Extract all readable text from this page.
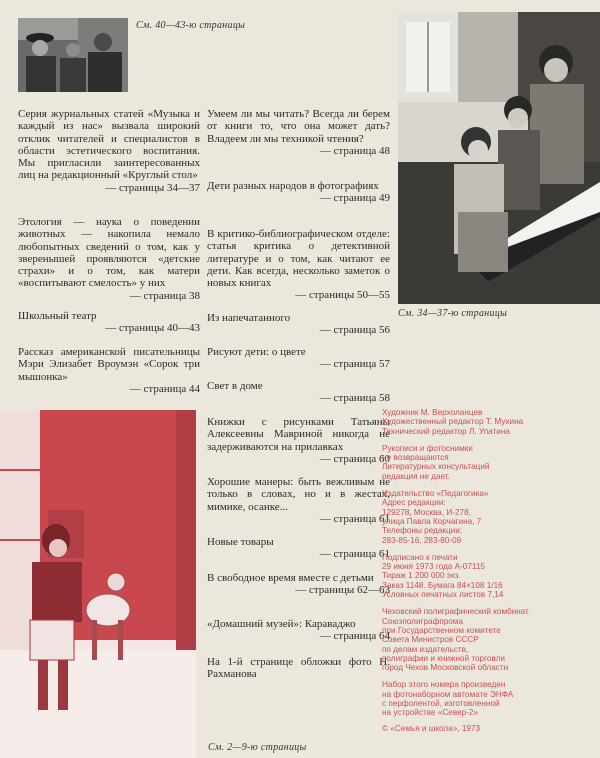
См. 40—43-ю страницы
См. 34—37-ю страницы
См. 2—9-ю страницы
Серия журнальных статей «Музыка и каждый из нас» вызвала широкий отклик читателей и специалистов в области эстетического воспитания. Мы пригласили заинтересованных лиц на редакционный «Круглый стол»
— страницы 34—37
Этология — наука о поведении животных — накопила немало любопытных сведений о том, как у зверенышей проявляются «детские страхи» и о том, как матери «воспитывают смелость» у них
— страница 38
Школьный театр
— страницы 40—43
Рассказ американской писательницы Мэри Элизабет Вроумэн «Сорок три мышонка»
— страница 44
Умеем ли мы читать? Всегда ли берем от книги то, что она может дать? Владеем ли мы техникой чтения?
— страница 48
Дети разных народов в фотографиях
— страница 49
В критико-библиографическом отделе: статья критика о детективной литературе и о том, как читают ее дети. Как всегда, несколько заметок о новых книгах
— страницы 50—55
Из напечатанного
— страница 56
Рисуют дети: о цвете
— страница 57
Свет в доме
— страница 58
Книжки с рисунками Татьяны Алексеевны Мавриной никогда не задерживаются на прилавках
— страница 60
Хорошие манеры: быть вежливым не только в словах, но и в жестах, мимике, осанке...
— страница 61
Новые товары
— страница 61
В свободное время вместе с детьми
— страницы 62—63
«Домашний музей»: Караваджо
— страница 64
На 1-й странице обложки фото Н. Рахманова
Художник М. Верхоланцев
Художественный редактор Т. Мухина
Технический редактор Л. Упатина
Рукописи и фотоснимки
не возвращаются
Литературных консультаций
редакция не дает.
Издательство «Педагогика»
Адрес редакции:
129278, Москва, И-278,
улица Павла Корчагина, 7
Телефоны редакции:
283-85-16, 283-80-09
Подписано к печати
29 июня 1973 года А-07115
Тираж 1 200 000 экз.
Заказ 1148. Бумага 84×108 1/16
Условных печатных листов 7,14
Чеховский полиграфический комбинат
Союзполиграфпрома
при Государственном комитете
Совета Министров СССР
по делам издательств,
полиграфии и книжной торговли
город Чехов Московской области
Набор этого номера произведен
на фотонаборном автомате ЭНФА
с перфолентой, изготовленной
на устройстве «Север-2»
© «Семья и школа», 1973
